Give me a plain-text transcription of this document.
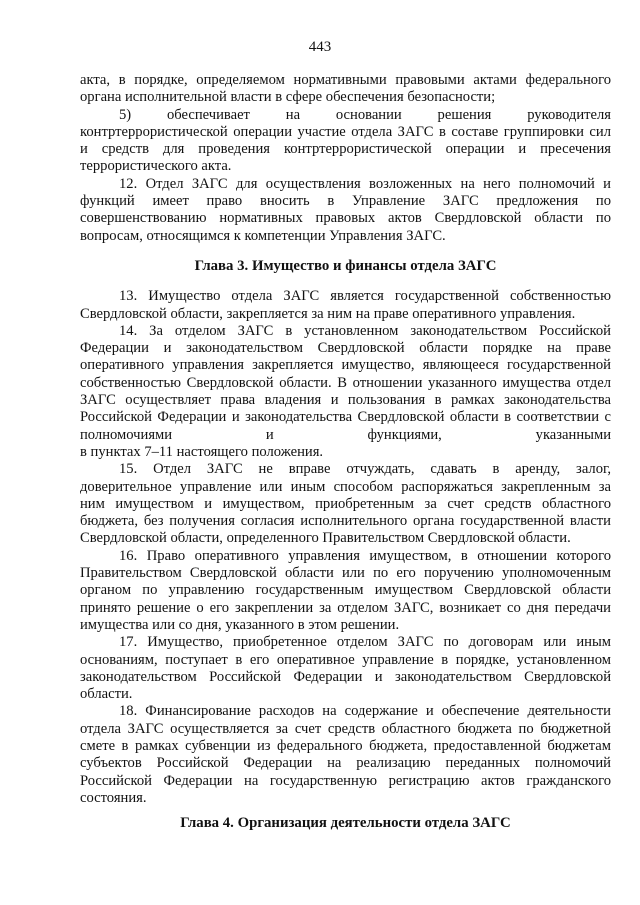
443
акта, в порядке, определяемом нормативными правовыми актами федерального
органа исполнительной власти в сфере обеспечения безопасности;
5) обеспечивает на основании решения руководителя
контртеррористической операции участие отдела ЗАГС в составе группировки сил
и средств для проведения контртеррористической операции и пресечения
террористического акта.
12. Отдел ЗАГС для осуществления возложенных на него полномочий и
функций имеет право вносить в Управление ЗАГС предложения по
совершенствованию нормативных правовых актов Свердловской области по
вопросам, относящимся к компетенции Управления ЗАГС.
Глава 3. Имущество и финансы отдела ЗАГС
13. Имущество отдела ЗАГС является государственной собственностью
Свердловской области, закрепляется за ним на праве оперативного управления.
14. За отделом ЗАГС в установленном законодательством Российской
Федерации и законодательством Свердловской области порядке на праве
оперативного управления закрепляется имущество, являющееся государственной
собственностью Свердловской области. В отношении указанного имущества отдел
ЗАГС осуществляет права владения и пользования в рамках законодательства
Российской Федерации и законодательства Свердловской области в соответствии с
полномочиями и функциями, указанными
в пунктах 7–11 настоящего положения.
15. Отдел ЗАГС не вправе отчуждать, сдавать в аренду, залог,
доверительное управление или иным способом распоряжаться закрепленным за
ним имуществом и имуществом, приобретенным за счет средств областного
бюджета, без получения согласия исполнительного органа государственной власти
Свердловской области, определенного Правительством Свердловской области.
16. Право оперативного управления имуществом, в отношении которого
Правительством Свердловской области или по его поручению уполномоченным
органом по управлению государственным имуществом Свердловской области
принято решение о его закреплении за отделом ЗАГС, возникает со дня передачи
имущества или со дня, указанного в этом решении.
17. Имущество, приобретенное отделом ЗАГС по договорам или иным
основаниям, поступает в его оперативное управление в порядке, установленном
законодательством Российской Федерации и законодательством Свердловской
области.
18. Финансирование расходов на содержание и обеспечение деятельности
отдела ЗАГС осуществляется за счет средств областного бюджета по бюджетной
смете в рамках субвенции из федерального бюджета, предоставленной бюджетам
субъектов Российской Федерации на реализацию переданных полномочий
Российской Федерации на государственную регистрацию актов гражданского
состояния.
Глава 4. Организация деятельности отдела ЗАГС
